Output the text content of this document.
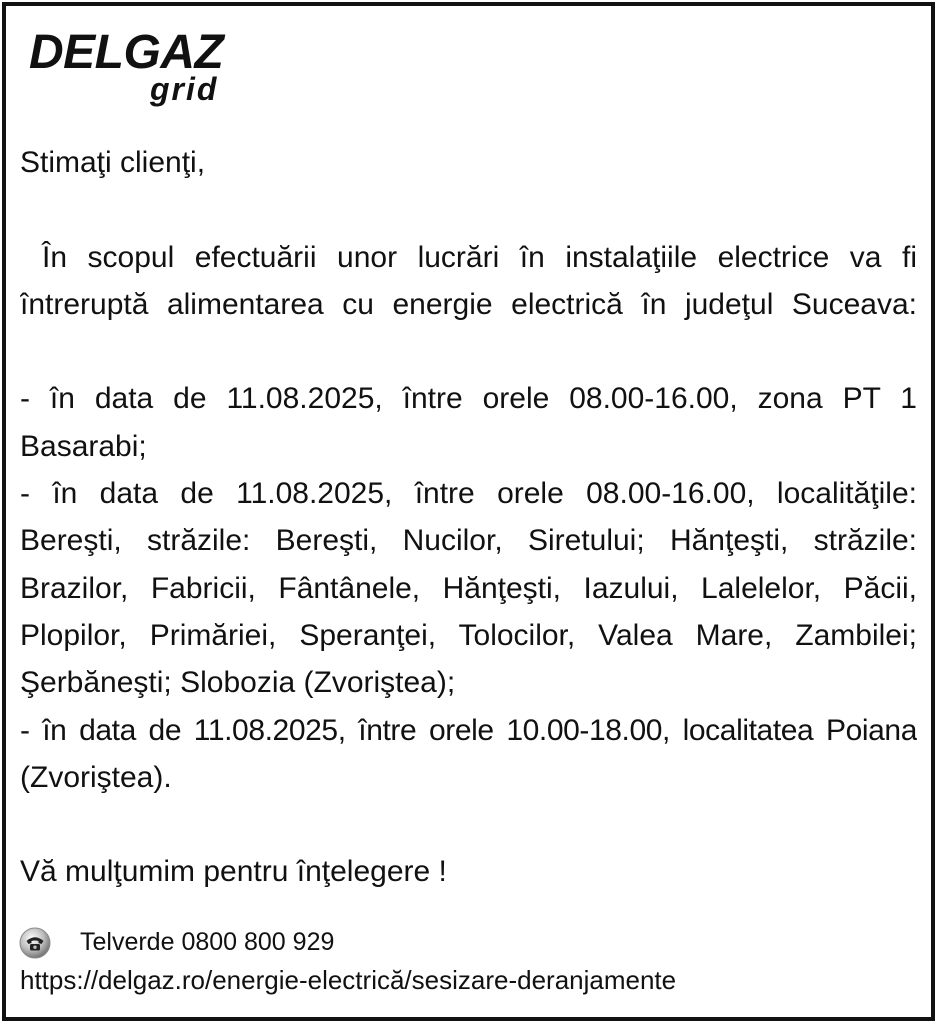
DELGAZ
grid
Stimaţi clienţi,
În scopul efectuării unor lucrări în instalaţiile electrice va fi
întreruptă alimentarea cu energie electrică în judeţul Suceava:
- în data de 11.08.2025, între orele 08.00-16.00, zona PT 1
Basarabi;
- în data de 11.08.2025, între orele 08.00-16.00, localităţile:
Bereşti, străzile: Bereşti, Nucilor, Siretului; Hănţeşti, străzile:
Brazilor, Fabricii, Fântânele, Hănţeşti, Iazului, Lalelelor, Păcii,
Plopilor, Primăriei, Speranţei, Tolocilor, Valea Mare, Zambilei;
Şerbăneşti; Slobozia (Zvoriştea);
- în data de 11.08.2025, între orele 10.00-18.00, localitatea Poiana
(Zvoriştea).
Vă mulţumim pentru înţelegere !
Telverde 0800 800 929
https://delgaz.ro/energie-electrică/sesizare-deranjamente
